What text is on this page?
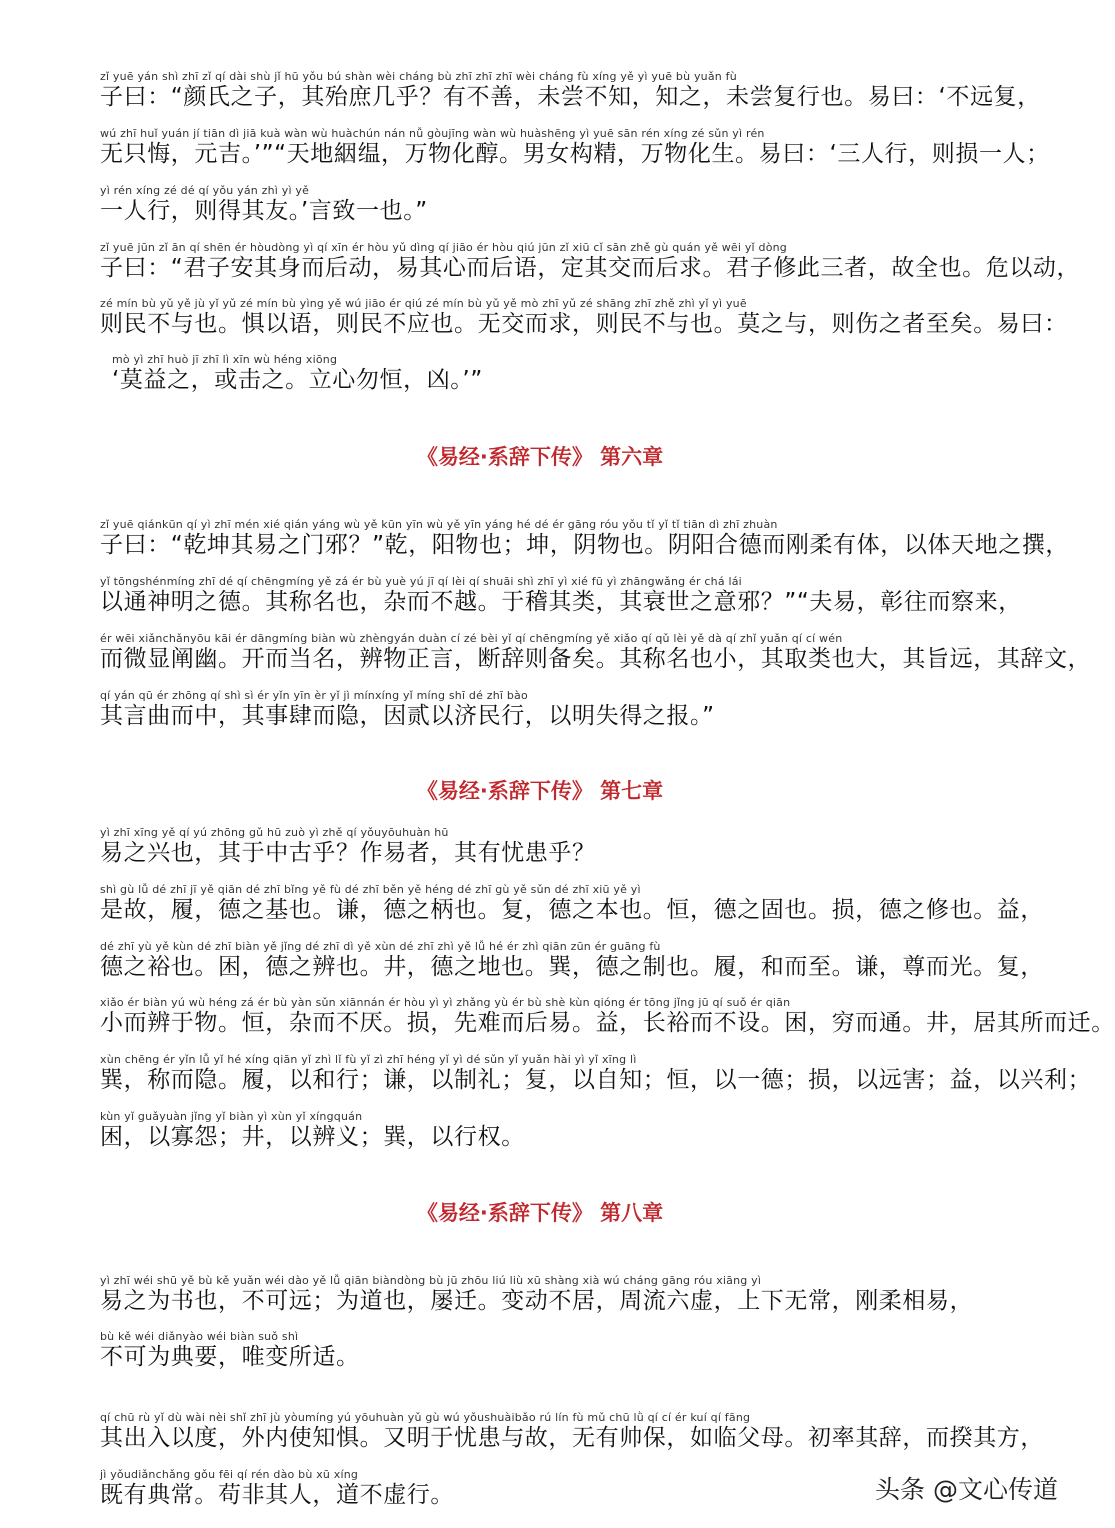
zǐ yuē yán shì zhī zǐ qí dài shù jǐ hū yǒu bú shàn wèi cháng bù zhī zhī zhī wèi cháng fù xíng yě yì yuē bù yuǎn fù
子曰：“颜氏之子，其殆庶几乎？有不善，未尝不知，知之，未尝复行也。易曰：‘不远复，
wú zhī huǐ yuán jí tiān dì jiā kuà wàn wù huàchún nán nǚ gòujīng wàn wù huàshēng yì yuē sān rén xíng zé sǔn yì rén
无只悔，元吉。’”“天地絪缊，万物化醇。男女构精，万物化生。易曰：‘三人行，则损一人；
yì rén xíng zé dé qí yǒu yán zhì yì yě
一人行，则得其友。’言致一也。”
zǐ yuē jūn zǐ ān qí shēn ér hòudòng yì qí xīn ér hòu yǔ dìng qí jiāo ér hòu qiú jūn zǐ xiū cǐ sān zhě gù quán yě wēi yǐ dòng
子曰：“君子安其身而后动，易其心而后语，定其交而后求。君子修此三者，故全也。危以动，
zé mín bù yǔ yě jù yǐ yǔ zé mín bù yìng yě wú jiāo ér qiú zé mín bù yǔ yě mò zhī yǔ zé shāng zhī zhě zhì yǐ yì yuē
则民不与也。惧以语，则民不应也。无交而求，则民不与也。莫之与，则伤之者至矣。易曰：
mò yì zhī huò jī zhī lì xīn wù héng xiōng
‘莫益之，或击之。立心勿恒，凶。’”
《易经·系辞下传》 第六章
zǐ yuē qiánkūn qí yì zhī mén xié qián yáng wù yě kūn yīn wù yě yīn yáng hé dé ér gāng róu yǒu tǐ yǐ tǐ tiān dì zhī zhuàn
子曰：“乾坤其易之门邪？”乾，阳物也；坤，阴物也。阴阳合德而刚柔有体，以体天地之撰，
yǐ tōngshénmíng zhī dé qí chēngmíng yě zá ér bù yuè yú jī qí lèi qí shuāi shì zhī yì xié fū yì zhāngwǎng ér chá lái
以通神明之德。其称名也，杂而不越。于稽其类，其衰世之意邪？”“夫易，彰往而察来，
ér wēi xiǎnchǎnyōu kāi ér dāngmíng biàn wù zhèngyán duàn cí zé bèi yǐ qí chēngmíng yě xiǎo qí qǔ lèi yě dà qí zhǐ yuǎn qí cí wén
而微显阐幽。开而当名，辨物正言，断辞则备矣。其称名也小，其取类也大，其旨远，其辞文，
qí yán qū ér zhōng qí shì sì ér yǐn yīn èr yǐ jì mínxíng yǐ míng shī dé zhī bào
其言曲而中，其事肆而隐，因贰以济民行，以明失得之报。”
《易经·系辞下传》 第七章
yì zhī xīng yě qí yú zhōng gǔ hū zuò yì zhě qí yǒuyōuhuàn hū
易之兴也，其于中古乎？作易者，其有忧患乎？
shì gù lǚ dé zhī jī yě qiān dé zhī bǐng yě fù dé zhī běn yě héng dé zhī gù yě sǔn dé zhī xiū yě yì
是故，履，德之基也。谦，德之柄也。复，德之本也。恒，德之固也。损，德之修也。益，
dé zhī yù yě kùn dé zhī biàn yě jǐng dé zhī dì yě xùn dé zhī zhì yě lǚ hé ér zhì qiān zūn ér guāng fù
德之裕也。困，德之辨也。井，德之地也。巽，德之制也。履，和而至。谦，尊而光。复，
xiǎo ér biàn yú wù héng zá ér bù yàn sǔn xiānnán ér hòu yì yì zhǎng yù ér bù shè kùn qióng ér tōng jǐng jū qí suǒ ér qiān
小而辨于物。恒，杂而不厌。损，先难而后易。益，长裕而不设。困，穷而通。井，居其所而迁。
xùn chēng ér yǐn lǚ yǐ hé xíng qiān yǐ zhì lǐ fù yǐ zì zhī héng yǐ yì dé sǔn yǐ yuǎn hài yì yǐ xīng lì
巽，称而隐。履，以和行；谦，以制礼；复，以自知；恒，以一德；损，以远害；益，以兴利；
kùn yǐ guǎyuàn jǐng yǐ biàn yì xùn yǐ xíngquán
困，以寡怨；井，以辨义；巽，以行权。
《易经·系辞下传》 第八章
yì zhī wéi shū yě bù kě yuǎn wéi dào yě lǚ qiān biàndòng bù jū zhōu liú liù xū shàng xià wú cháng gāng róu xiāng yì
易之为书也，不可远；为道也，屡迁。变动不居，周流六虚，上下无常，刚柔相易，
bù kě wéi diǎnyào wéi biàn suǒ shì
不可为典要，唯变所适。
qí chū rù yǐ dù wài nèi shǐ zhī jù yòumíng yú yōuhuàn yǔ gù wú yǒushuàibǎo rú lín fù mǔ chū lǜ qí cí ér kuí qí fāng
其出入以度，外内使知惧。又明于忧患与故，无有帅保，如临父母。初率其辞，而揆其方，
jì yǒudiǎnchǎng gǒu fēi qí rén dào bù xū xíng
既有典常。苟非其人，道不虚行。	头条 @文心传道
